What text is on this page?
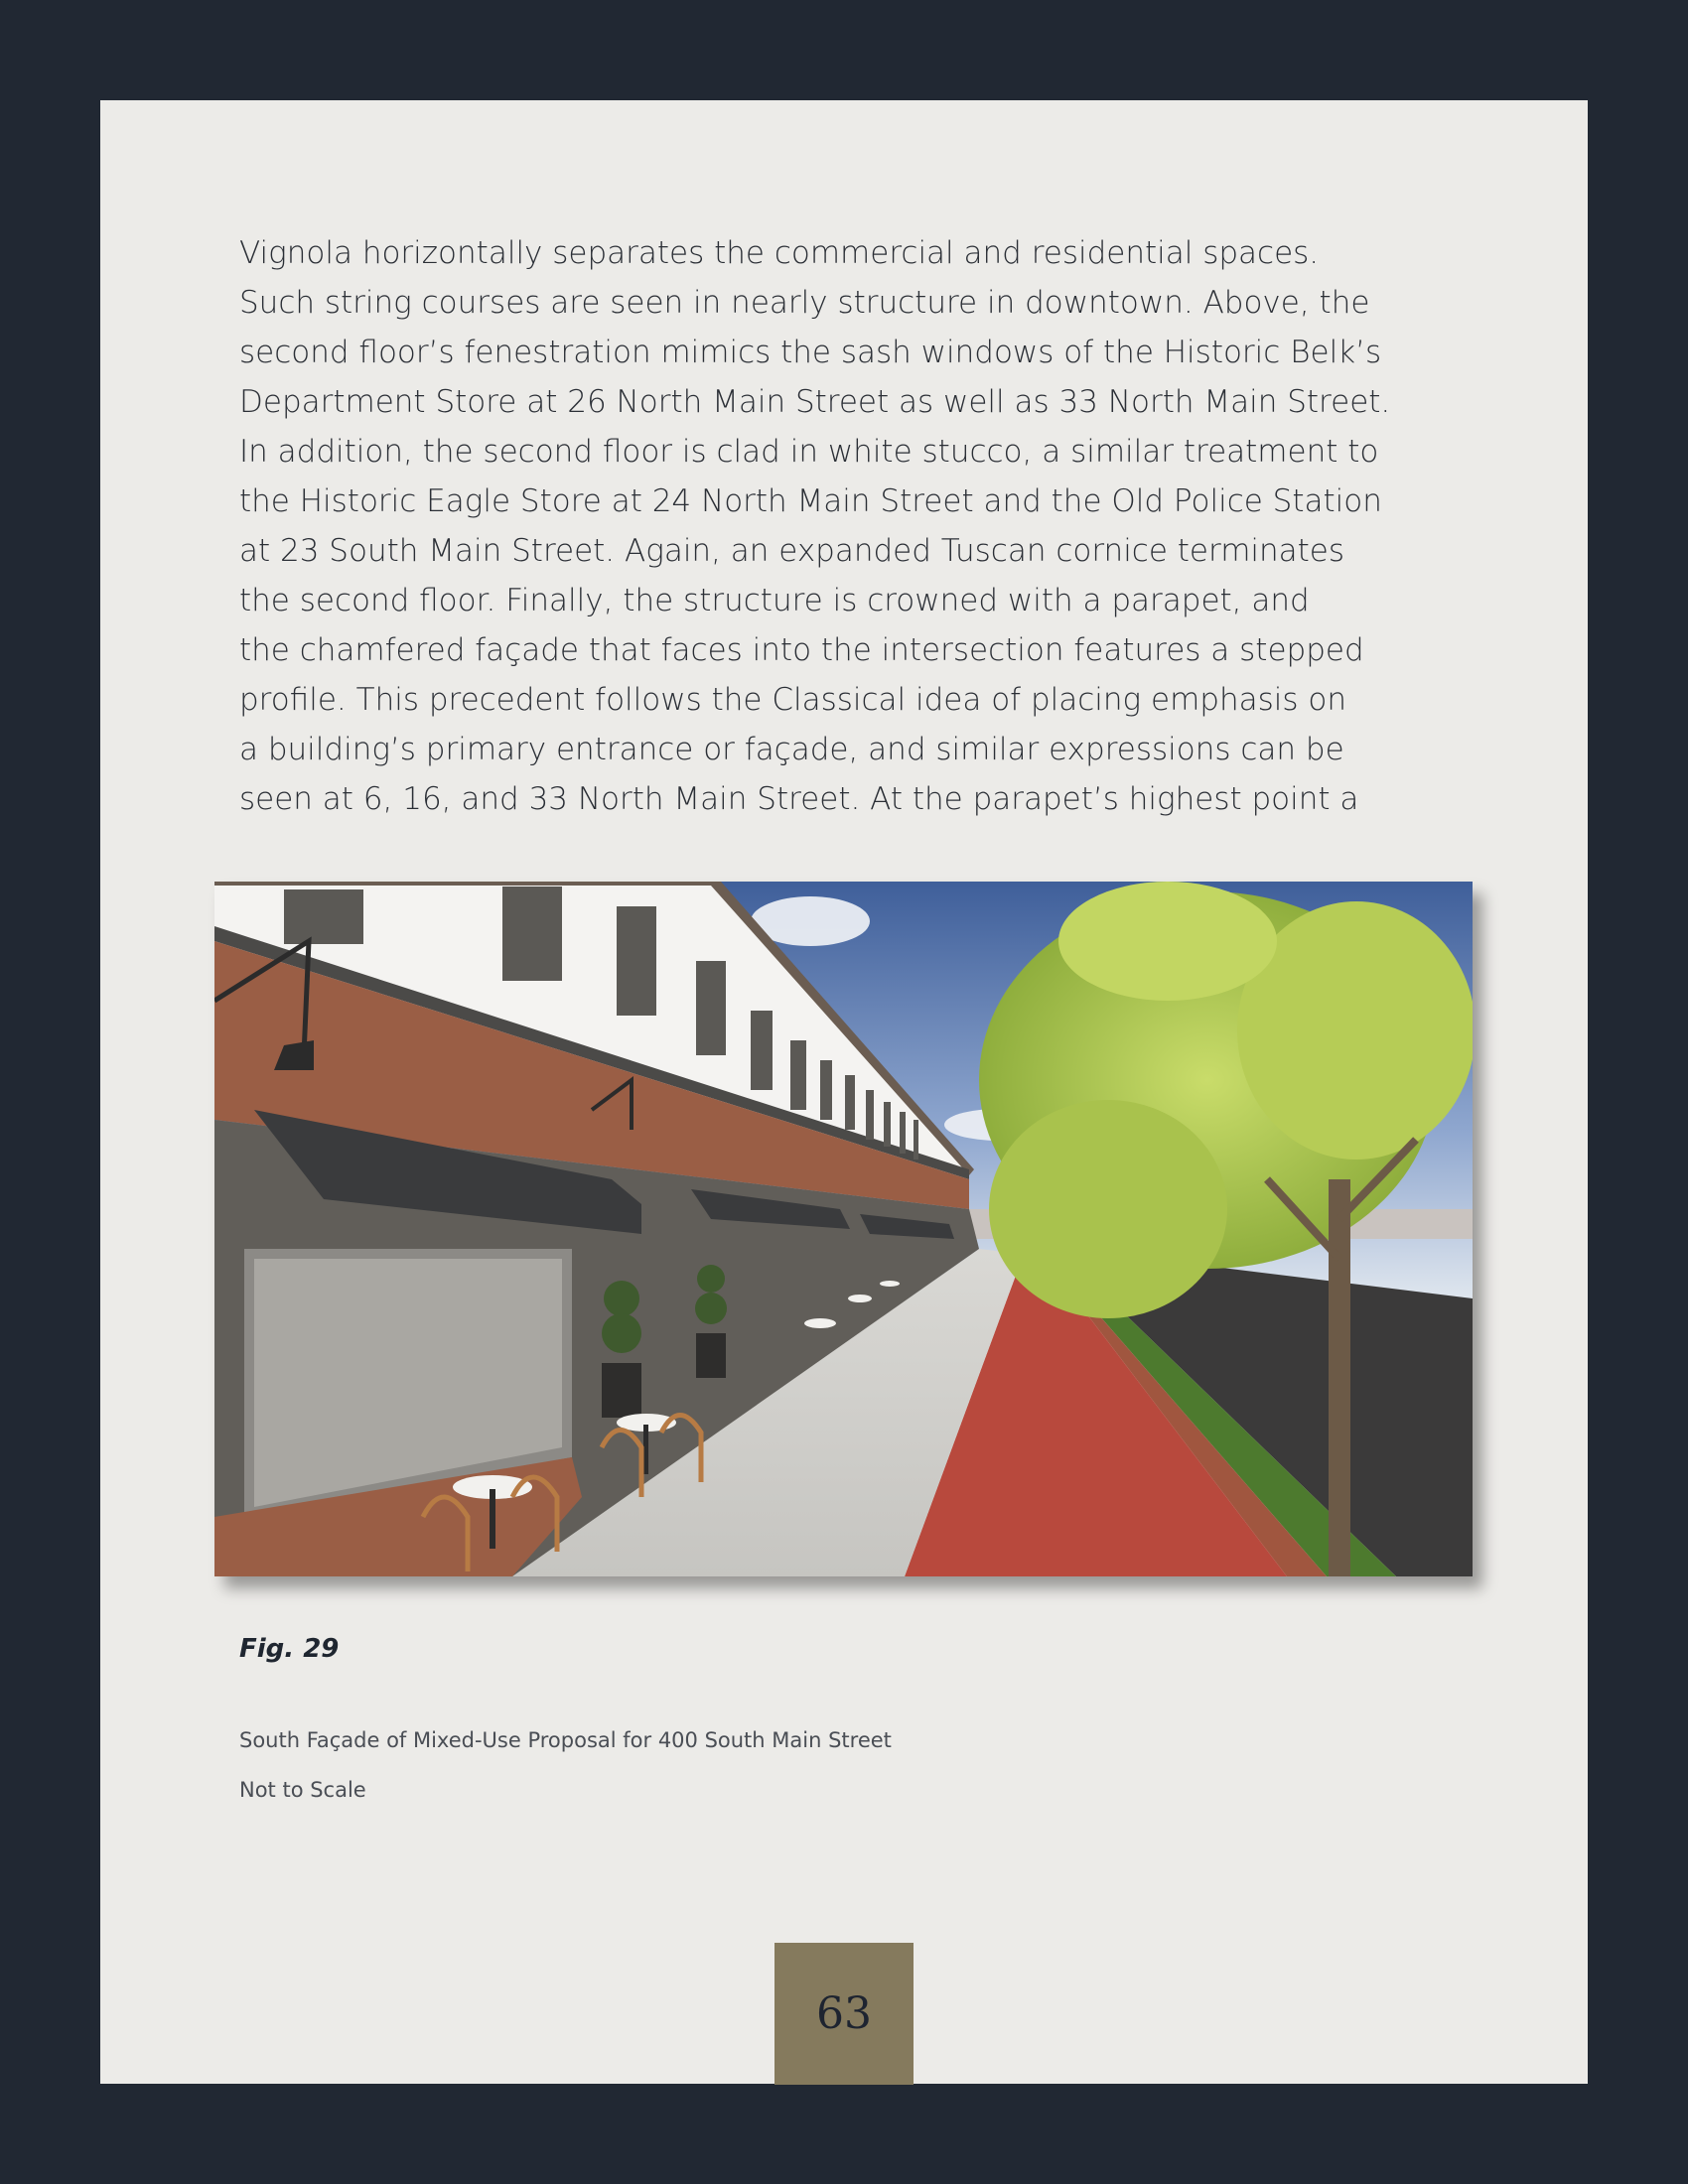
Vignola horizontally separates the commercial and residential spaces.
Such string courses are seen in nearly structure in downtown. Above, the
second floor’s fenestration mimics the sash windows of the Historic Belk’s
Department Store at 26 North Main Street as well as 33 North Main Street.
In addition, the second floor is clad in white stucco, a similar treatment to
the Historic Eagle Store at 24 North Main Street and the Old Police Station
at 23 South Main Street. Again, an expanded Tuscan cornice terminates
the second floor. Finally, the structure is crowned with a parapet, and
the chamfered façade that faces into the intersection features a stepped
profile. This precedent follows the Classical idea of placing emphasis on
a building’s primary entrance or façade, and similar expressions can be
seen at 6, 16, and 33 North Main Street. At the parapet’s highest point a

Fig. 29
South Façade of Mixed-Use Proposal for 400 South Main Street
Not to Scale
63
